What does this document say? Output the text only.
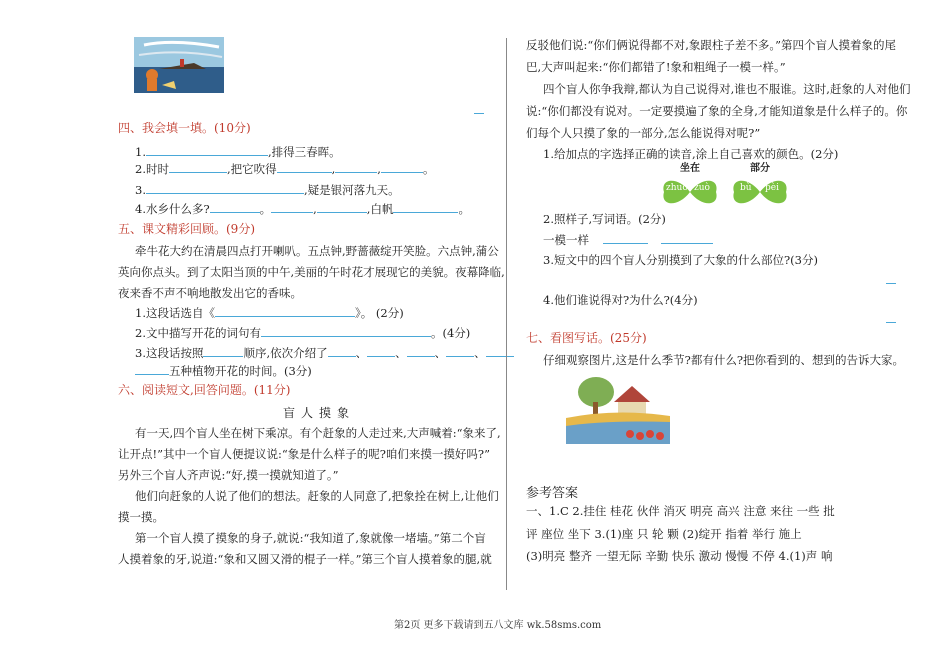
四、我会填一填。(10分)
1.	,排得三春晖。
2.时时	,把它吹得	,	,	。
3.	,疑是银河落九天。
4.水乡什么多?	。	,	,白帆	。
五、课文精彩回顾。(9分)
牵牛花大约在清晨四点打开喇叭。五点钟,野蔷薇绽开笑脸。六点钟,蒲公
英向你点头。到了太阳当顶的中午,美丽的午时花才展现它的美貌。夜幕降临,
夜来香不声不响地散发出它的香味。
1.这段话选自《	》。 (2分)
2.文中描写开花的词句有	。(4分)
3.这段话按照	顺序,依次介绍了 、 、 、 、
五种植物开花的时间。(3分)
六、阅读短文,回答问题。(11分)
盲人摸象
有一天,四个盲人坐在树下乘凉。有个赶象的人走过来,大声喊着:“象来了,
让开点!”其中一个盲人便提议说:“象是什么样子的呢?咱们来摸一摸好吗?”
另外三个盲人齐声说:“好,摸一摸就知道了。”
他们向赶象的人说了他们的想法。赶象的人同意了,把象拴在树上,让他们
摸一摸。
第一个盲人摸了摸象的身子,就说:“我知道了,象就像一堵墙。”第二个盲
人摸着象的牙,说道:“象和又圆又滑的棍子一样。”第三个盲人摸着象的腿,就
反驳他们说:“你们俩说得都不对,象跟柱子差不多。”第四个盲人摸着象的尾
巴,大声叫起来:“你们都错了!象和粗绳子一模一样。”
四个盲人你争我辩,都认为自己说得对,谁也不服谁。这时,赶象的人对他们
说:“你们都没有说对。一定要摸遍了象的全身,才能知道象是什么样子的。你
们每个人只摸了象的一部分,怎么能说得对呢?”
1.给加点的字选择正确的读音,涂上自己喜欢的颜色。(2分)
坐在
zhuò zuò
部分
bù pèi
2.照样子,写词语。(2分)
一模一样
3.短文中的四个盲人分别摸到了大象的什么部位?(3分)
4.他们谁说得对?为什么?(4分)
七、看图写话。(25分)
仔细观察图片,这是什么季节?都有什么?把你看到的、想到的告诉大家。
参考答案
一、1.C 2.挂住 桂花 伙伴 消灭 明亮 高兴 注意 来往 一些 批
评 座位 坐下 3.(1)座 只 轮 颗 (2)绽开 指着 举行 施上
(3)明亮 整齐 一望无际 辛勤 快乐 激动 慢慢 不停 4.(1)声 响
第2页 更多下载请到五八文库 wk.58sms.com
